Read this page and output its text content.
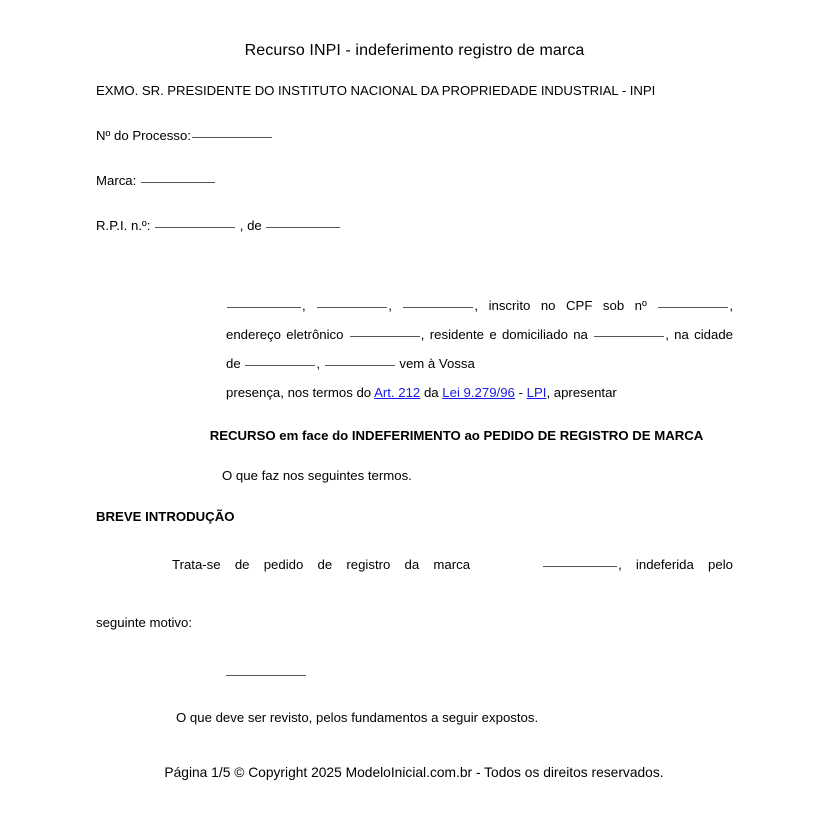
Recurso INPI - indeferimento registro de marca

EXMO. SR. PRESIDENTE DO INSTITUTO NACIONAL DA PROPRIEDADE INDUSTRIAL - INPI

Nº do Processo:

Marca:

R.P.I. n.º:	, de

,	,	, inscrito no CPF sob nº	, endereço eletrônico	, residente e domiciliado na	, na cidade de	,	vem à Vossa
presença, nos termos do Art. 212 da Lei 9.279/96 - LPI, apresentar

RECURSO em face do INDEFERIMENTO ao PEDIDO DE REGISTRO DE MARCA

O que faz nos seguintes termos.

BREVE INTRODUÇÃO

Trata-se de pedido de registro da marca	, indeferida pelo
seguinte motivo:

O que deve ser revisto, pelos fundamentos a seguir expostos.

Página 1/5 © Copyright 2025 ModeloInicial.com.br - Todos os direitos reservados.
